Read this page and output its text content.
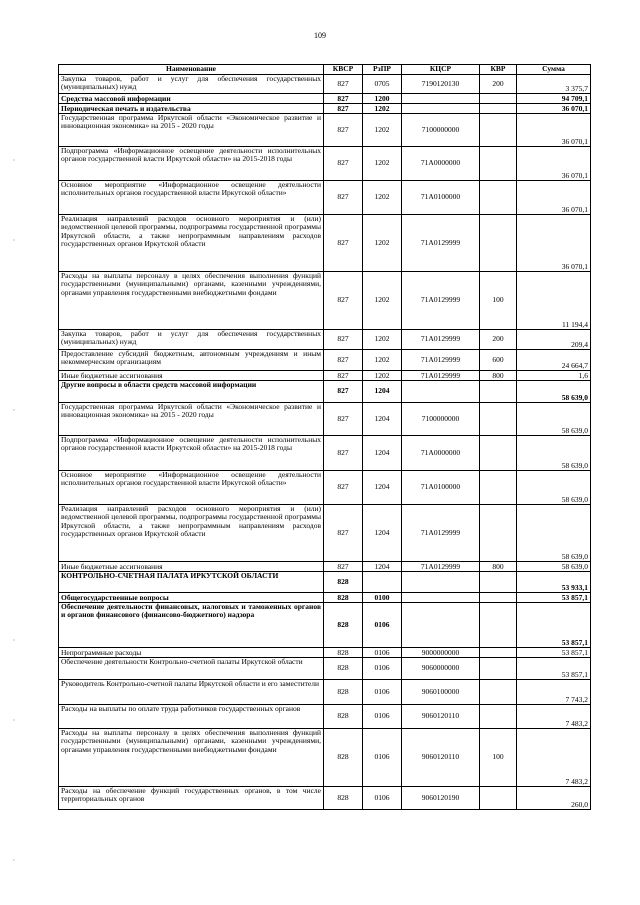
109
Наименование	КВСР	РзПР	КЦСР	КВР	Сумма
Закупка товаров, работ и услуг для обеспечения государственных (муниципальных) нужд	827	0705	7190120130	200	3 375,7
Средства массовой информации	827	1200			94 709,1
Периодическая печать и издательства	827	1202			36 070,1
Государственная программа Иркутской области «Экономическое развитие и инновационная экономика» на 2015 - 2020 годы	827	1202	7100000000		36 070,1
Подпрограмма «Информационное освещение деятельности исполнительных органов государственной власти Иркутской области» на 2015-2018 годы	827	1202	71А0000000		36 070,1
Основное мероприятие «Информационное освещение деятельности исполнительных органов государственной власти Иркутской области»	827	1202	71А0100000		36 070,1
Реализация направлений расходов основного мероприятия и (или) ведомственной целевой программы, подпрограммы государственной программы Иркутской области, а также непрограммным направлениям расходов государственных органов Иркутской области	827	1202	71А0129999		36 070,1
Расходы на выплаты персоналу в целях обеспечения выполнения функций государственными (муниципальными) органами, казенными учреждениями, органами управления государственными внебюджетными фондами	827	1202	71А0129999	100	11 194,4
Закупка товаров, работ и услуг для обеспечения государственных (муниципальных) нужд	827	1202	71А0129999	200	209,4
Предоставление субсидий бюджетным, автономным учреждениям и иным некоммерческим организациям	827	1202	71А0129999	600	24 664,7
Иные бюджетные ассигнования	827	1202	71А0129999	800	1,6
Другие вопросы в области средств массовой информации	827	1204			58 639,0
Государственная программа Иркутской области «Экономическое развитие и инновационная экономика» на 2015 - 2020 годы	827	1204	7100000000		58 639,0
Подпрограмма «Информационное освещение деятельности исполнительных органов государственной власти Иркутской области» на 2015-2018 годы	827	1204	71А0000000		58 639,0
Основное мероприятие «Информационное освещение деятельности исполнительных органов государственной власти Иркутской области»	827	1204	71А0100000		58 639,0
Реализация направлений расходов основного мероприятия и (или) ведомственной целевой программы, подпрограммы государственной программы Иркутской области, а также непрограммным направлениям расходов государственных органов Иркутской области	827	1204	71А0129999		58 639,0
Иные бюджетные ассигнования	827	1204	71А0129999	800	58 639,0
КОНТРОЛЬНО-СЧЕТНАЯ ПАЛАТА ИРКУТСКОЙ ОБЛАСТИ	828				53 933,1
Общегосударственные вопросы	828	0100			53 857,1
Обеспечение деятельности финансовых, налоговых и таможенных органов и органов финансового (финансово-бюджетного) надзора	828	0106			53 857,1
Непрограммные расходы	828	0106	9000000000		53 857,1
Обеспечение деятельности Контрольно-счетной палаты Иркутской области	828	0106	9060000000		53 857,1
Руководитель Контрольно-счетной палаты Иркутской области и его заместители	828	0106	9060100000		7 743,2
Расходы на выплаты по оплате труда работников государственных органов	828	0106	9060120110		7 483,2
Расходы на выплаты персоналу в целях обеспечения выполнения функций государственными (муниципальными) органами, казенными учреждениями, органами управления государственными внебюджетными фондами	828	0106	9060120110	100	7 483,2
Расходы на обеспечение функций государственных органов, в том числе территориальных органов	828	0106	9060120190		260,0
